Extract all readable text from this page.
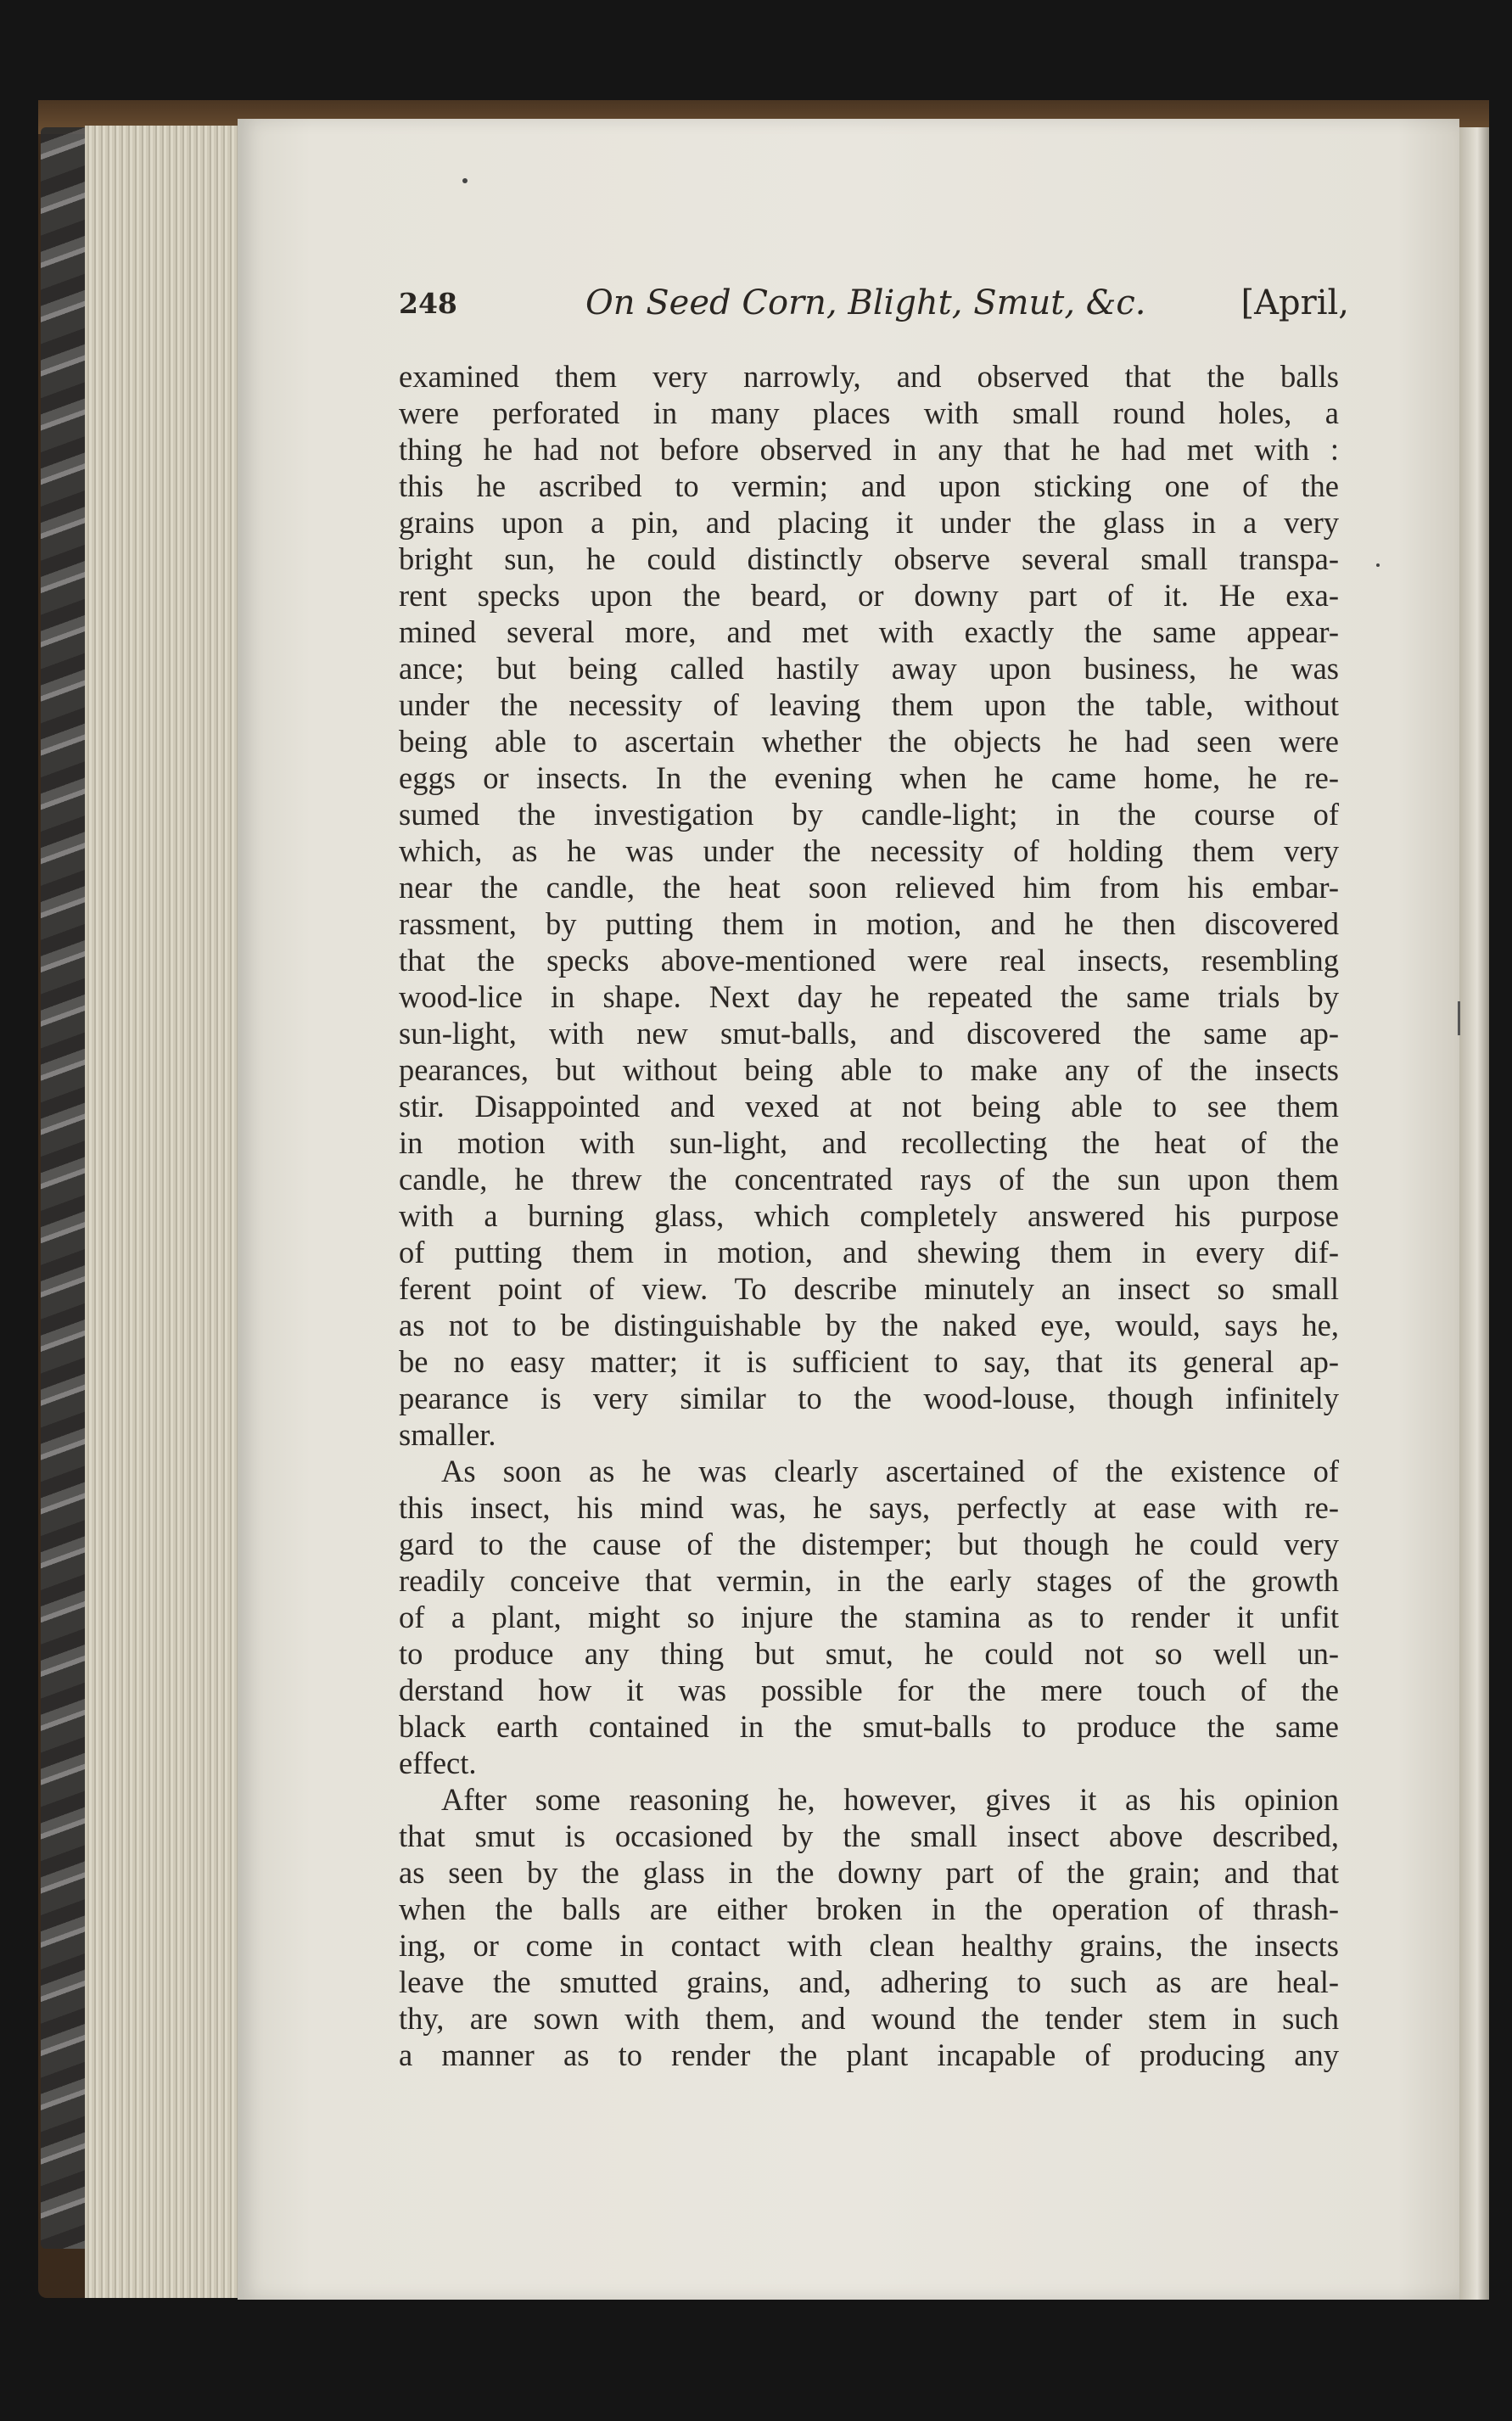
248	On Seed Corn, Blight, Smut, &c.	[April,
examined them very narrowly, and observed that the balls
were perforated in many places with small round holes, a
thing he had not before observed in any that he had met with :
this he ascribed to vermin; and upon sticking one of the
grains upon a pin, and placing it under the glass in a very
bright sun, he could distinctly observe several small transpa-
rent specks upon the beard, or downy part of it. He exa-
mined several more, and met with exactly the same appear-
ance; but being called hastily away upon business, he was
under the necessity of leaving them upon the table, without
being able to ascertain whether the objects he had seen were
eggs or insects. In the evening when he came home, he re-
sumed the investigation by candle-light; in the course of
which, as he was under the necessity of holding them very
near the candle, the heat soon relieved him from his embar-
rassment, by putting them in motion, and he then discovered
that the specks above-mentioned were real insects, resembling
wood-lice in shape. Next day he repeated the same trials by
sun-light, with new smut-balls, and discovered the same ap-
pearances, but without being able to make any of the insects
stir. Disappointed and vexed at not being able to see them
in motion with sun-light, and recollecting the heat of the
candle, he threw the concentrated rays of the sun upon them
with a burning glass, which completely answered his purpose
of putting them in motion, and shewing them in every dif-
ferent point of view. To describe minutely an insect so small
as not to be distinguishable by the naked eye, would, says he,
be no easy matter; it is sufficient to say, that its general ap-
pearance is very similar to the wood-louse, though infinitely
smaller.
As soon as he was clearly ascertained of the existence of
this insect, his mind was, he says, perfectly at ease with re-
gard to the cause of the distemper; but though he could very
readily conceive that vermin, in the early stages of the growth
of a plant, might so injure the stamina as to render it unfit
to produce any thing but smut, he could not so well un-
derstand how it was possible for the mere touch of the
black earth contained in the smut-balls to produce the same
effect.
After some reasoning he, however, gives it as his opinion
that smut is occasioned by the small insect above described,
as seen by the glass in the downy part of the grain; and that
when the balls are either broken in the operation of thrash-
ing, or come in contact with clean healthy grains, the insects
leave the smutted grains, and, adhering to such as are heal-
thy, are sown with them, and wound the tender stem in such
a manner as to render the plant incapable of producing any
